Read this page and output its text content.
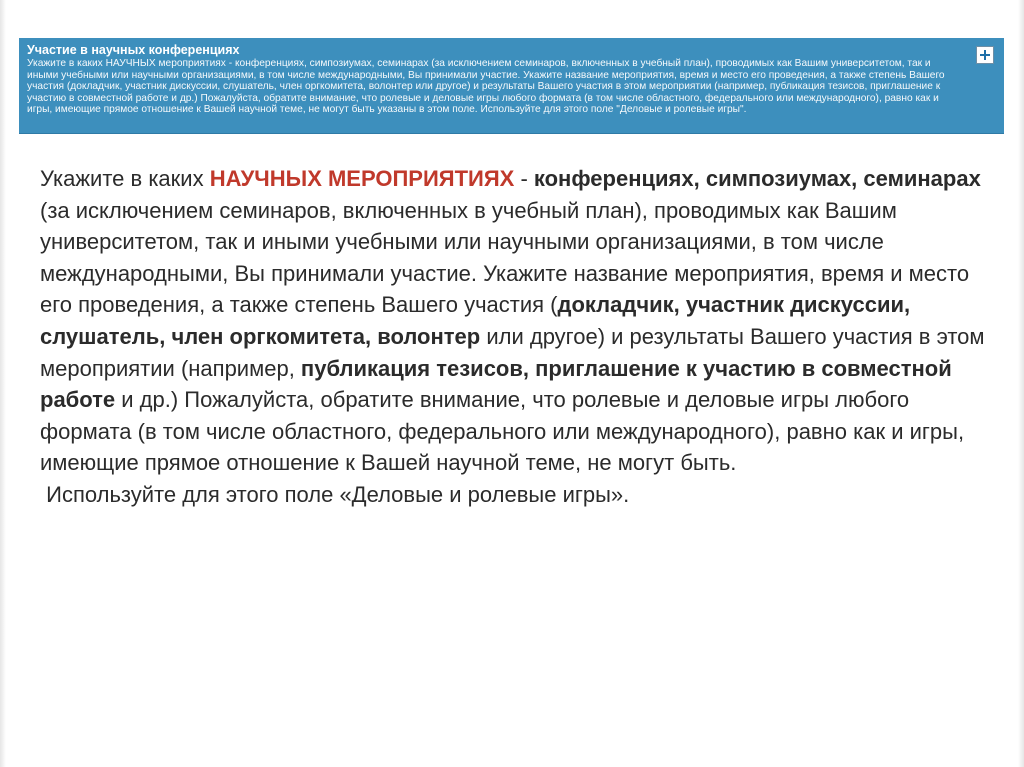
Участие в научных конференциях

Укажите в каких НАУЧНЫХ мероприятиях - конференциях, симпозиумах, семинарах (за исключением семинаров, включенных в учебный план), проводимых как Вашим университетом, так и иными учебными или научными организациями, в том числе международными, Вы принимали участие. Укажите название мероприятия, время и место его проведения, а также степень Вашего участия (докладчик, участник дискуссии, слушатель, член оргкомитета, волонтер или другое) и результаты Вашего участия в этом мероприятии (например, публикация тезисов, приглашение к участию в совместной работе и др.) Пожалуйста, обратите внимание, что ролевые и деловые игры любого формата (в том числе областного, федерального или международного), равно как и игры, имеющие прямое отношение к Вашей научной теме, не могут быть указаны в этом поле. Используйте для этого поле "Деловые и ролевые игры".

Укажите в каких НАУЧНЫХ МЕРОПРИЯТИЯХ - конференциях, симпозиумах, семинарах (за исключением семинаров, включенных в учебный план), проводимых как Вашим университетом, так и иными учебными или научными организациями, в том числе международными, Вы принимали участие. Укажите название мероприятия, время и место его проведения, а также степень Вашего участия (докладчик, участник дискуссии, слушатель, член оргкомитета, волонтер или другое) и результаты Вашего участия в этом мероприятии (например, публикация тезисов, приглашение к участию в совместной работе и др.) Пожалуйста, обратите внимание, что ролевые и деловые игры любого формата (в том числе областного, федерального или международного), равно как и игры, имеющие прямое отношение к Вашей научной теме, не могут быть.
Используйте для этого поле «Деловые и ролевые игры».
